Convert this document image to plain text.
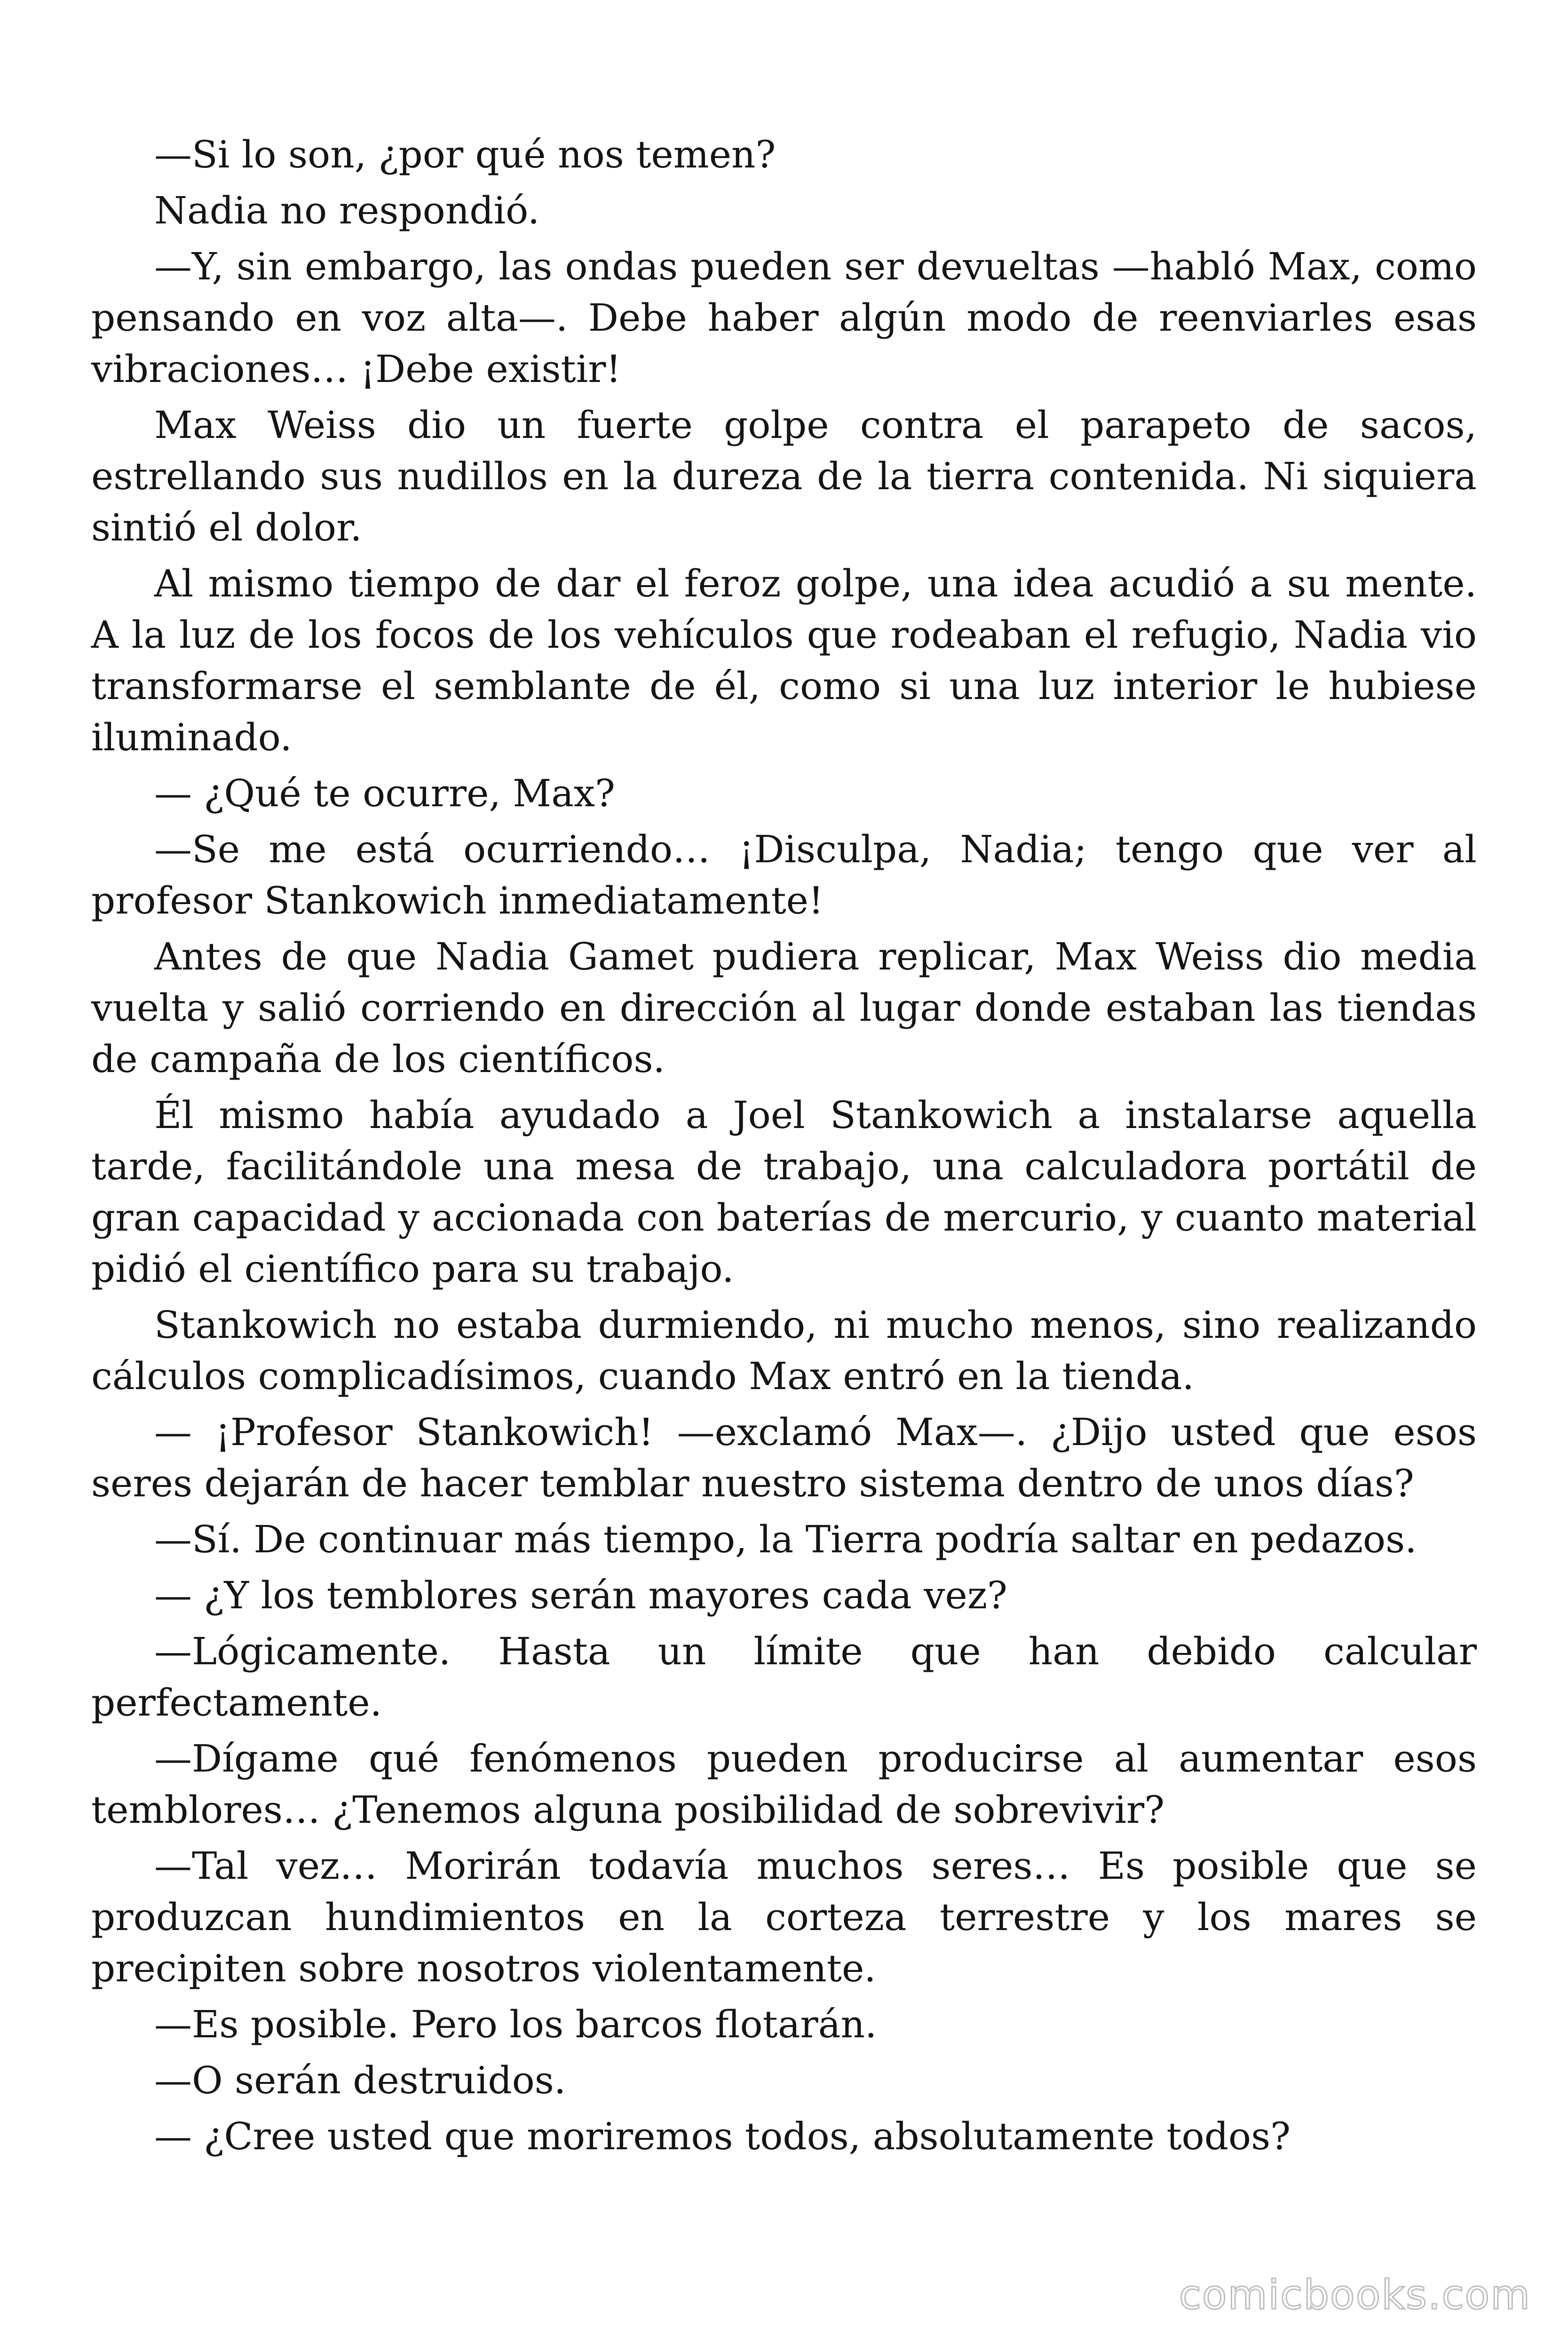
—Si lo son, ¿por qué nos temen?

Nadia no respondió.

—Y, sin embargo, las ondas pueden ser devueltas —habló Max, como pensando en voz alta—. Debe haber algún modo de reenviarles esas vibraciones… ¡Debe existir!

Max Weiss dio un fuerte golpe contra el parapeto de sacos, estrellando sus nudillos en la dureza de la tierra contenida. Ni siquiera sintió el dolor.

Al mismo tiempo de dar el feroz golpe, una idea acudió a su mente. A la luz de los focos de los vehículos que rodeaban el refugio, Nadia vio transformarse el semblante de él, como si una luz interior le hubiese iluminado.

— ¿Qué te ocurre, Max?

—Se me está ocurriendo… ¡Disculpa, Nadia; tengo que ver al profesor Stankowich inmediatamente!

Antes de que Nadia Gamet pudiera replicar, Max Weiss dio media vuelta y salió corriendo en dirección al lugar donde estaban las tiendas de campaña de los científicos.

Él mismo había ayudado a Joel Stankowich a instalarse aquella tarde, facilitándole una mesa de trabajo, una calculadora portátil de gran capacidad y accionada con baterías de mercurio, y cuanto material pidió el científico para su trabajo.

Stankowich no estaba durmiendo, ni mucho menos, sino realizando cálculos complicadísimos, cuando Max entró en la tienda.

— ¡Profesor Stankowich! —exclamó Max—. ¿Dijo usted que esos seres dejarán de hacer temblar nuestro sistema dentro de unos días?

—Sí. De continuar más tiempo, la Tierra podría saltar en pedazos.

— ¿Y los temblores serán mayores cada vez?

—Lógicamente. Hasta un límite que han debido calcular perfectamente.

—Dígame qué fenómenos pueden producirse al aumentar esos temblores… ¿Tenemos alguna posibilidad de sobrevivir?

—Tal vez… Morirán todavía muchos seres… Es posible que se produzcan hundimientos en la corteza terrestre y los mares se precipiten sobre nosotros violentamente.

—Es posible. Pero los barcos flotarán.

—O serán destruidos.

— ¿Cree usted que moriremos todos, absolutamente todos?

comicbooks.com
